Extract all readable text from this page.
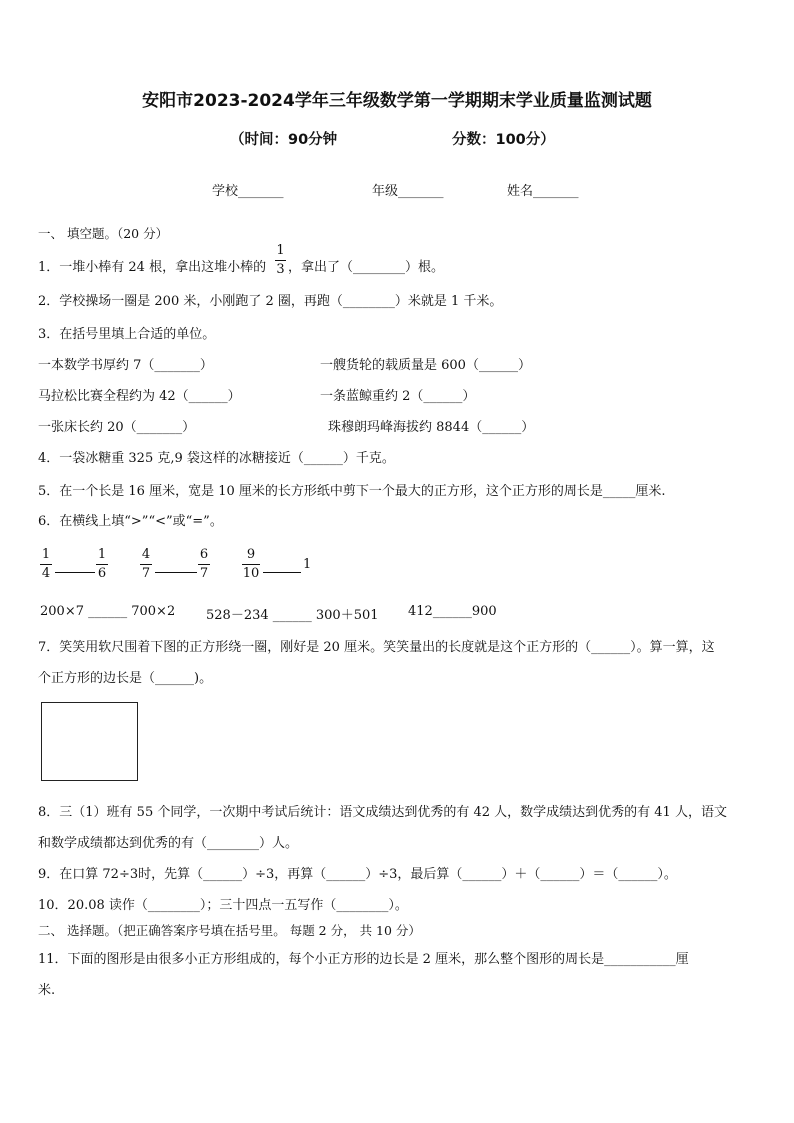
安阳市2023-2024学年三年级数学第一学期期末学业质量监测试题
（时间：90分钟	分数：100分）
学校_______	年级_______	姓名_______
一、 填空题。（20 分）
1．一堆小棒有 24 根，拿出这堆小棒的
1
3 ，拿出了（________）根。
2．学校操场一圈是 200 米，小刚跑了 2 圈，再跑（________）米就是 1 千米。
3．在括号里填上合适的单位。
一本数学书厚约 7（_______）	一艘货轮的载质量是 600（______）
马拉松比赛全程约为 42（______）	一条蓝鲸重约 2（______）
一张床长约 20（_______）	珠穆朗玛峰海拔约 8844（______）
4．一袋冰糖重 325 克,9 袋这样的冰糖接近（______）千克。
5．在一个长是 16 厘米，宽是 10 厘米的长方形纸中剪下一个最大的正方形，这个正方形的周长是_____厘米.
6．在横线上填“>”“<”或“=”。
1
4
1
6
4
7
6
7
9
10
1
200×7 ______ 700×2 528－234 ______ 300＋501 412______900
7．笑笑用软尺围着下图的正方形绕一圈，刚好是 20 厘米。笑笑量出的长度就是这个正方形的（______）。算一算，这
个正方形的边长是（______)。
8．三（1）班有 55 个同学，一次期中考试后统计：语文成绩达到优秀的有 42 人，数学成绩达到优秀的有 41 人，语文
和数学成绩都达到优秀的有（________）人。
9．在口算 72÷3时，先算（______）÷3，再算（______）÷3，最后算（______）＋（______）＝（______）。
10．20.08 读作（________）；三十四点一五写作（________）。
二、 选择题。（把正确答案序号填在括号里。 每题 2 分， 共 10 分）
11．下面的图形是由很多小正方形组成的，每个小正方形的边长是 2 厘米，那么整个图形的周长是___________厘
米.
